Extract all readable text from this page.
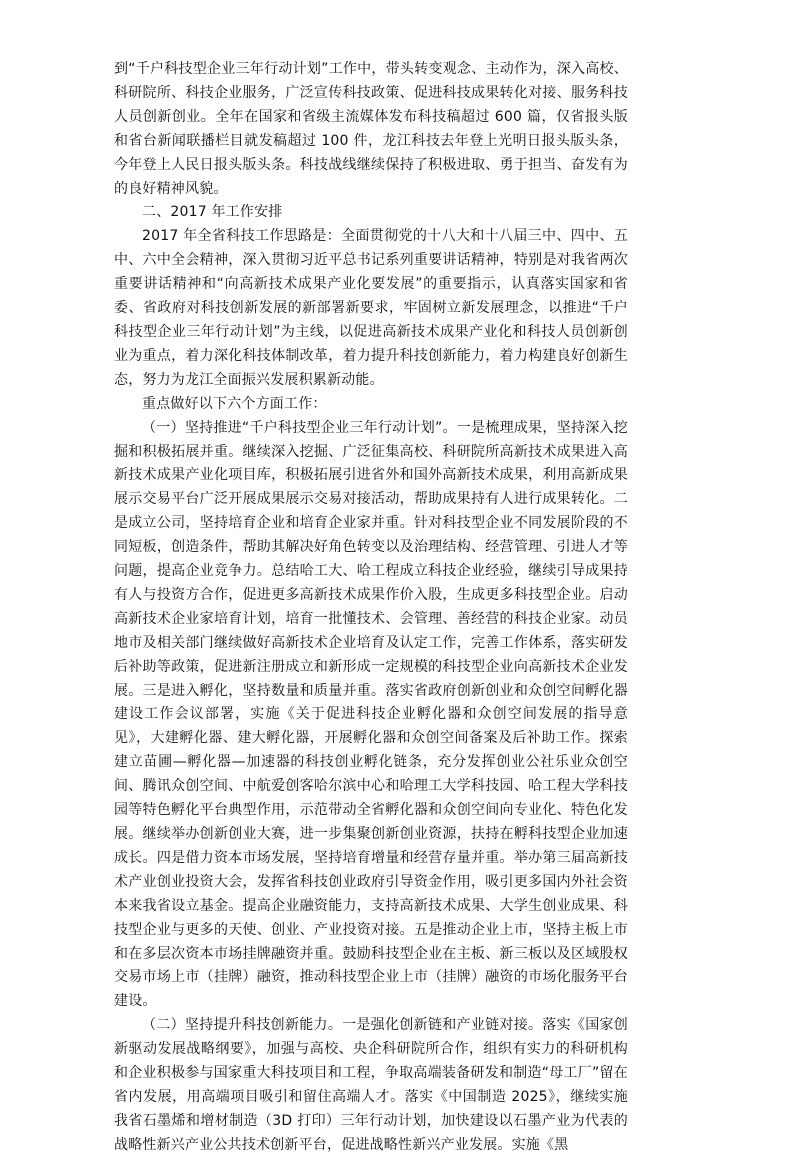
到“千户科技型企业三年行动计划”工作中，带头转变观念、主动作为，深入高校、科研院所、科技企业服务，广泛宣传科技政策、促进科技成果转化对接、服务科技人员创新创业。全年在国家和省级主流媒体发布科技稿超过 600 篇，仅省报头版和省台新闻联播栏目就发稿超过 100 件，龙江科技去年登上光明日报头版头条，今年登上人民日报头版头条。科技战线继续保持了积极进取、勇于担当、奋发有为的良好精神风貌。

二、2017 年工作安排

2017 年全省科技工作思路是：全面贯彻党的十八大和十八届三中、四中、五中、六中全会精神，深入贯彻习近平总书记系列重要讲话精神，特别是对我省两次重要讲话精神和“向高新技术成果产业化要发展”的重要指示，认真落实国家和省委、省政府对科技创新发展的新部署新要求，牢固树立新发展理念，以推进“千户科技型企业三年行动计划”为主线，以促进高新技术成果产业化和科技人员创新创业为重点，着力深化科技体制改革，着力提升科技创新能力，着力构建良好创新生态，努力为龙江全面振兴发展积累新动能。

重点做好以下六个方面工作：

（一）坚持推进“千户科技型企业三年行动计划”。一是梳理成果，坚持深入挖掘和积极拓展并重。继续深入挖掘、广泛征集高校、科研院所高新技术成果进入高新技术成果产业化项目库，积极拓展引进省外和国外高新技术成果，利用高新成果展示交易平台广泛开展成果展示交易对接活动，帮助成果持有人进行成果转化。二是成立公司，坚持培育企业和培育企业家并重。针对科技型企业不同发展阶段的不同短板，创造条件，帮助其解决好角色转变以及治理结构、经营管理、引进人才等问题，提高企业竞争力。总结哈工大、哈工程成立科技企业经验，继续引导成果持有人与投资方合作，促进更多高新技术成果作价入股，生成更多科技型企业。启动高新技术企业家培育计划，培育一批懂技术、会管理、善经营的科技企业家。动员地市及相关部门继续做好高新技术企业培育及认定工作，完善工作体系，落实研发后补助等政策，促进新注册成立和新形成一定规模的科技型企业向高新技术企业发展。三是进入孵化，坚持数量和质量并重。落实省政府创新创业和众创空间孵化器建设工作会议部署，实施《关于促进科技企业孵化器和众创空间发展的指导意见》，大建孵化器、建大孵化器，开展孵化器和众创空间备案及后补助工作。探索建立苗圃—孵化器—加速器的科技创业孵化链条，充分发挥创业公社乐业众创空间、腾讯众创空间、中航爱创客哈尔滨中心和哈理工大学科技园、哈工程大学科技园等特色孵化平台典型作用，示范带动全省孵化器和众创空间向专业化、特色化发展。继续举办创新创业大赛，进一步集聚创新创业资源，扶持在孵科技型企业加速成长。四是借力资本市场发展，坚持培育增量和经营存量并重。举办第三届高新技术产业创业投资大会，发挥省科技创业政府引导资金作用，吸引更多国内外社会资本来我省设立基金。提高企业融资能力，支持高新技术成果、大学生创业成果、科技型企业与更多的天使、创业、产业投资对接。五是推动企业上市，坚持主板上市和在多层次资本市场挂牌融资并重。鼓励科技型企业在主板、新三板以及区域股权交易市场上市（挂牌）融资，推动科技型企业上市（挂牌）融资的市场化服务平台建设。

（二）坚持提升科技创新能力。一是强化创新链和产业链对接。落实《国家创新驱动发展战略纲要》，加强与高校、央企科研院所合作，组织有实力的科研机构和企业积极参与国家重大科技项目和工程，争取高端装备研发和制造“母工厂”留在省内发展，用高端项目吸引和留住高端人才。落实《中国制造 2025》，继续实施我省石墨烯和增材制造（3D 打印）三年行动计划，加快建设以石墨产业为代表的战略性新兴产业公共技术创新平台，促进战略性新兴产业发展。实施《黑
